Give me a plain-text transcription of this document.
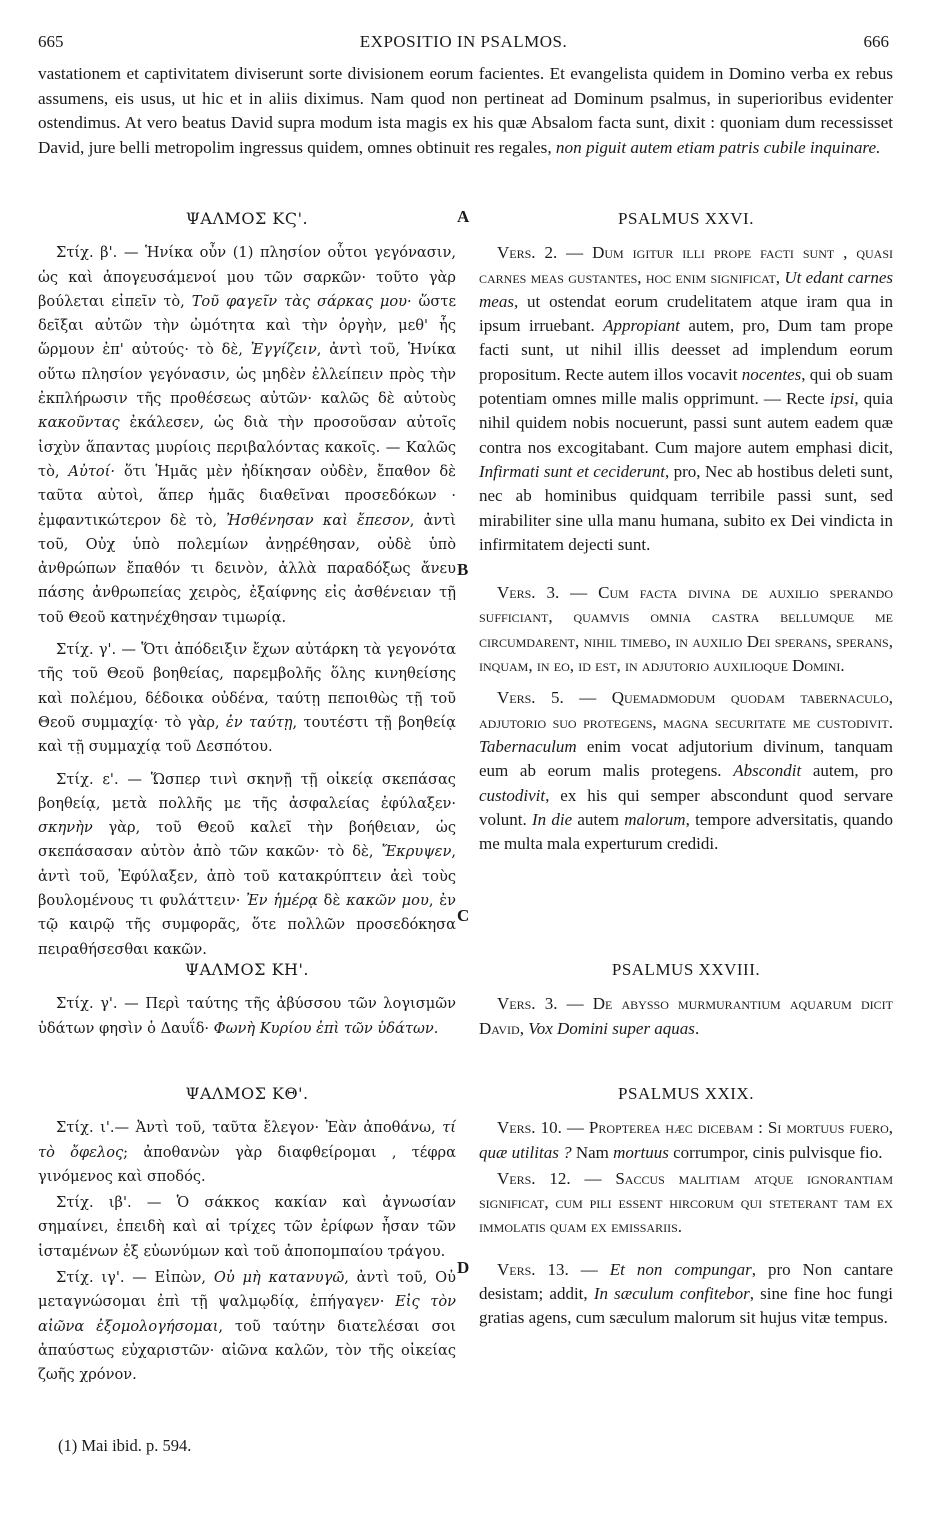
665	EXPOSITIO IN PSALMOS.	666
vastationem et captivitatem diviserunt sorte divisionem eorum facientes. Et evangelista quidem in Domino verba ex rebus assumens, eis usus, ut hic et in aliis diximus. Nam quod non pertineat ad Dominum psalmus, in superioribus evidenter ostendimus. At vero beatus David supra modum ista magis ex his quæ Absalom facta sunt, dixit : quoniam dum recessisset David, jure belli metropolim ingressus quidem, omnes obtinuit res regales, non piguit autem etiam patris cubile inquinare.
ΨΑΛΜΟΣ ΚϚ'.

Στίχ. β'. — Ἡνίκα οὖν (1) πλησίον οὗτοι γεγόνασιν, ὡς καὶ ἀπογευσάμενοί μου τῶν σαρκῶν· τοῦτο γὰρ βούλεται εἰπεῖν τὸ, Τοῦ φαγεῖν τὰς σάρκας μου· ὥστε δεῖξαι αὐτῶν τὴν ὠμότητα καὶ τὴν ὀργὴν, μεθ' ἧς ὥρμουν ἐπ' αὐτούς· τὸ δὲ, Ἐγγίζειν, ἀντὶ τοῦ, Ἡνίκα οὕτω πλησίον γεγόνασιν, ὡς μηδὲν ἐλλείπειν πρὸς τὴν ἐκπλήρωσιν τῆς προθέσεως αὐτῶν· καλῶς δὲ αὐτοὺς κακοῦντας ἐκάλεσεν, ὡς διὰ τὴν προσοῦσαν αὐτοῖς ἰσχὺν ἅπαντας μυρίοις περιβαλόντας κακοῖς. — Καλῶς τὸ, Αὐτοί· ὅτι Ἡμᾶς μὲν ἠδίκησαν οὐδὲν, ἔπαθον δὲ ταῦτα αὐτοὶ, ἅπερ ἡμᾶς διαθεῖναι προσεδόκων · ἐμφαντικώτερον δὲ τὸ, Ἠσθένησαν καὶ ἔπεσον, ἀντὶ τοῦ, Οὐχ ὑπὸ πολεμίων ἀνῃρέθησαν, οὐδὲ ὑπὸ ἀνθρώπων ἔπαθόν τι δεινὸν, ἀλλὰ παραδόξως ἄνευ πάσης ἀνθρωπείας χειρὸς, ἐξαίφνης εἰς ἀσθένειαν τῇ τοῦ Θεοῦ κατηνέχθησαν τιμωρίᾳ.

Στίχ. γ'. — Ὅτι ἀπόδειξιν ἔχων αὐτάρκη τὰ γεγονότα τῆς τοῦ Θεοῦ βοηθείας, παρεμβολῆς ὅλης κινηθείσης καὶ πολέμου, δέδοικα οὐδένα, ταύτῃ πεποιθὼς τῇ τοῦ Θεοῦ συμμαχίᾳ· τὸ γὰρ, ἐν ταύτῃ, τουτέστι τῇ βοηθείᾳ καὶ τῇ συμμαχίᾳ τοῦ Δεσπότου.

Στίχ. ε'. — Ὥσπερ τινὶ σκηνῇ τῇ οἰκείᾳ σκεπάσας βοηθείᾳ, μετὰ πολλῆς με τῆς ἀσφαλείας ἐφύλαξεν· σκηνὴν γὰρ, τοῦ Θεοῦ καλεῖ τὴν βοήθειαν, ὡς σκεπάσασαν αὐτὸν ἀπὸ τῶν κακῶν· τὸ δὲ, Ἔκρυψεν, ἀντὶ τοῦ, Ἐφύλαξεν, ἀπὸ τοῦ κατακρύπτειν ἀεὶ τοὺς βουλομένους τι φυλάττειν· Ἐν ἡμέρᾳ δὲ κακῶν μου, ἐν τῷ καιρῷ τῆς συμφορᾶς, ὅτε πολλῶν προσεδόκησα πειραθήσεσθαι κακῶν.

ΨΑΛΜΟΣ ΚΗ'.

Στίχ. γ'. — Περὶ ταύτης τῆς ἀβύσσου τῶν λογισμῶν ὑδάτων φησὶν ὁ Δαυΐδ· Φωνὴ Κυρίου ἐπὶ τῶν ὑδάτων.

ΨΑΛΜΟΣ ΚΘ'.

Στίχ. ι'.— Ἀντὶ τοῦ, ταῦτα ἔλεγον· Ἐὰν ἀποθάνω, τί τὸ ὄφελος; ἀποθανὼν γὰρ διαφθείρομαι , τέφρα γινόμενος καὶ σποδός.

Στίχ. ιβ'. — Ὁ σάκκος κακίαν καὶ ἀγνωσίαν σημαίνει, ἐπειδὴ καὶ αἱ τρίχες τῶν ἐρίφων ἦσαν τῶν ἱσταμένων ἐξ εὐωνύμων καὶ τοῦ ἀποπομπαίου τράγου.

Στίχ. ιγ'. — Εἰπὼν, Οὐ μὴ κατανυγῶ, ἀντὶ τοῦ, Οὐ μεταγνώσομαι ἐπὶ τῇ ψαλμῳδίᾳ, ἐπήγαγεν· Εἰς τὸν αἰῶνα ἐξομολογήσομαι, τοῦ ταύτην διατελέσαι σοι ἀπαύστως εὐχαριστῶν· αἰῶνα καλῶν, τὸν τῆς οἰκείας ζωῆς χρόνον.

PSALMUS XXVI.

Vers. 2. — Dum igitur illi prope facti sunt , quasi carnes meas gustantes, hoc enim significat, Ut edant carnes meas, ut ostendat eorum crudelitatem atque iram qua in ipsum irruebant. Appropiant autem, pro, Dum tam prope facti sunt, ut nihil illis deesset ad implendum eorum propositum. Recte autem illos vocavit nocentes, qui ob suam potentiam omnes mille malis opprimunt. — Recte ipsi, quia nihil quidem nobis nocuerunt, passi sunt autem eadem quæ contra nos excogitabant. Cum majore autem emphasi dicit, Infirmati sunt et ceciderunt, pro, Nec ab hostibus deleti sunt, nec ab hominibus quidquam terribile passi sunt, sed mirabiliter sine ulla manu humana, subito ex Dei vindicta in infirmitatem dejecti sunt.

Vers. 3. — Cum facta divina de auxilio sperando sufficiant, quamvis omnia castra bellumque me circumdarent, nihil timebo, in auxilio Dei sperans, sperans, inquam, in eo, id est, in adjutorio auxilioque Domini.

Vers. 5. — Quemadmodum quodam tabernaculo, adjutorio suo protegens, magna securitate me custodivit. Tabernaculum enim vocat adjutorium divinum, tanquam eum ab eorum malis protegens. Abscondit autem, pro custodivit, ex his qui semper abscondunt quod servare volunt. In die autem malorum, tempore adversitatis, quando me multa mala experturum credidi.

PSALMUS XXVIII.

Vers. 3. — De abysso murmurantium aquarum dicit David, Vox Domini super aquas.

PSALMUS XXIX.

Vers. 10. — Propterea hæc dicebam : Si mortuus fuero, quæ utilitas ? Nam mortuus corrumpor, cinis pulvisque fio.

Vers. 12. — Saccus malitiam atque ignorantiam significat, cum pili essent hircorum qui steterant tam ex immolatis quam ex emissariis.

Vers. 13. — Et non compungar, pro Non cantare desistam; addit, In sæculum confitebor, sine fine hoc fungi gratias agens, cum sæculum malorum sit hujus vitæ tempus.

A
B
C
D
(1) Mai ibid. p. 594.
